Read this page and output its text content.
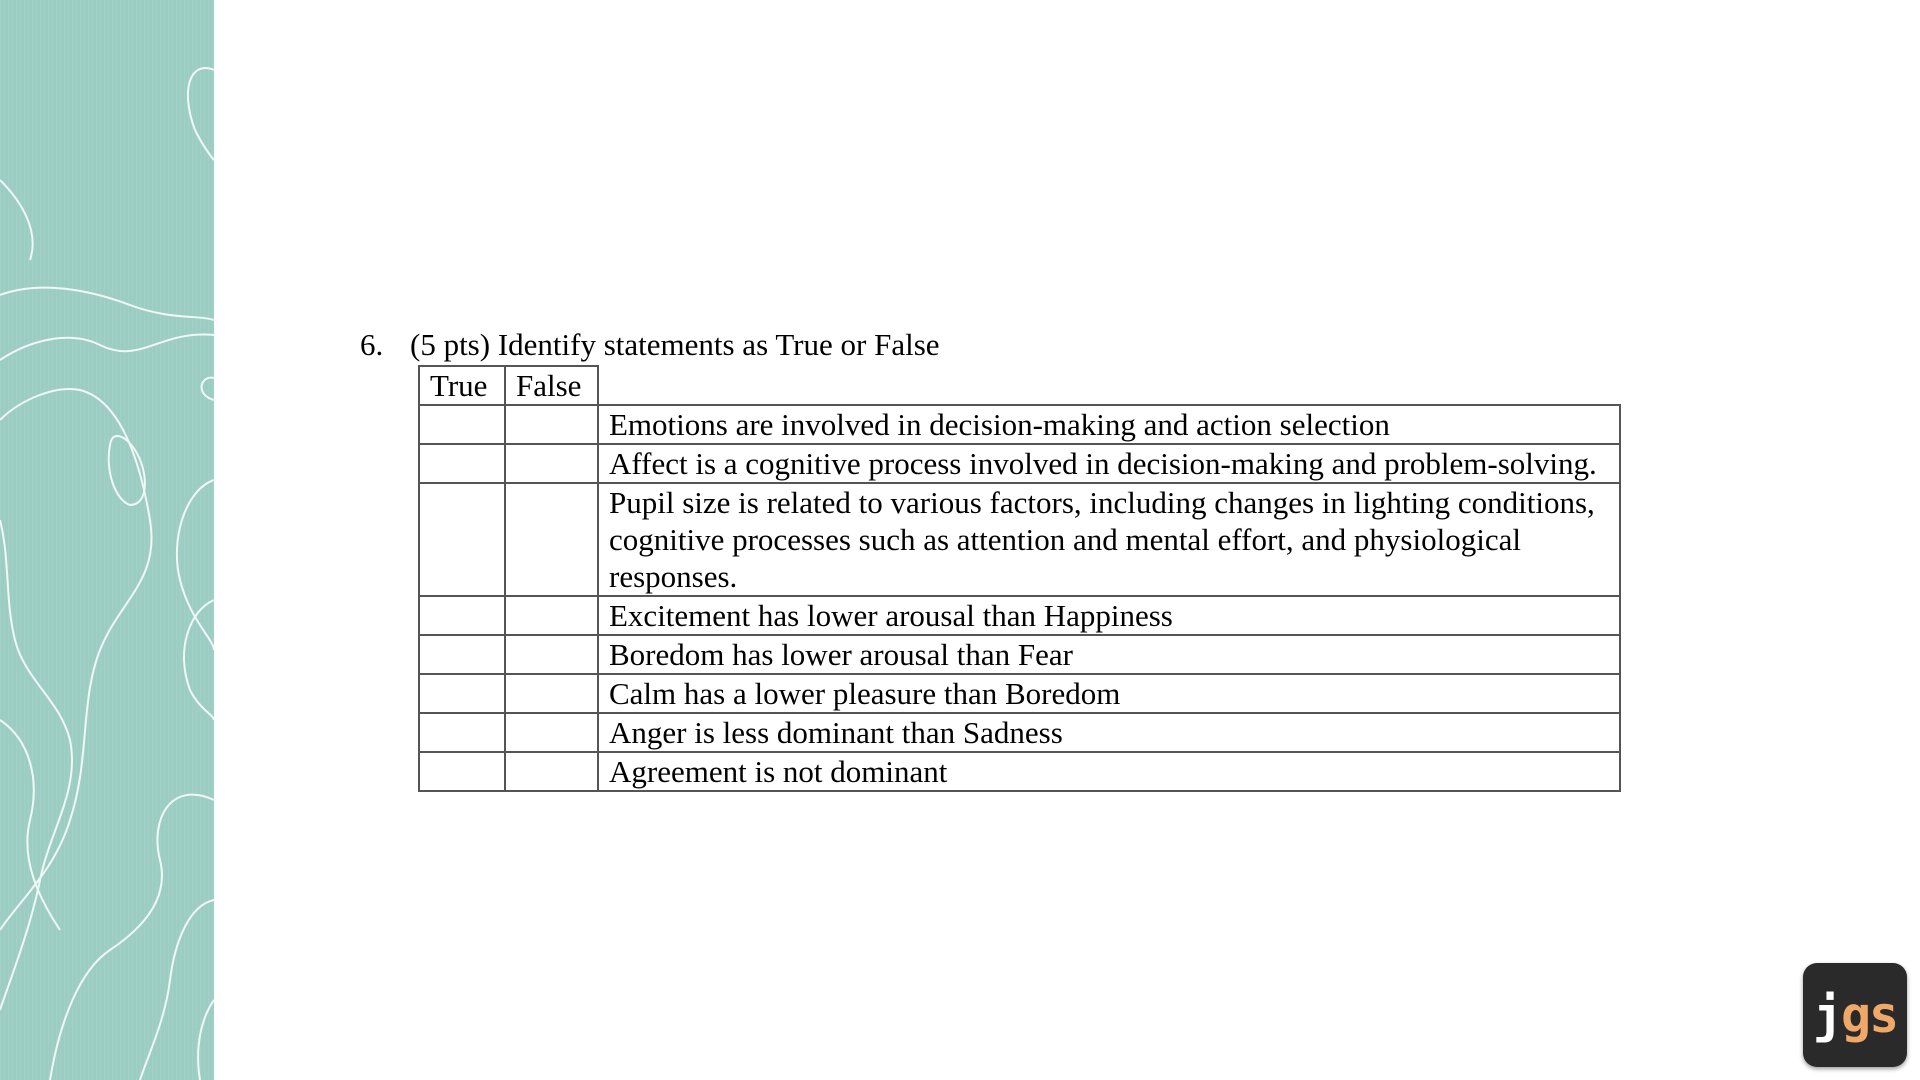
6. (5 pts) Identify statements as True or False
True	False	
		Emotions are involved in decision-making and action selection
		Affect is a cognitive process involved in decision-making and problem-solving.
		Pupil size is related to various factors, including changes in lighting conditions, cognitive processes such as attention and mental effort, and physiological responses.
		Excitement has lower arousal than Happiness
		Boredom has lower arousal than Fear
		Calm has a lower pleasure than Boredom
		Anger is less dominant than Sadness
		Agreement is not dominant
jgs
